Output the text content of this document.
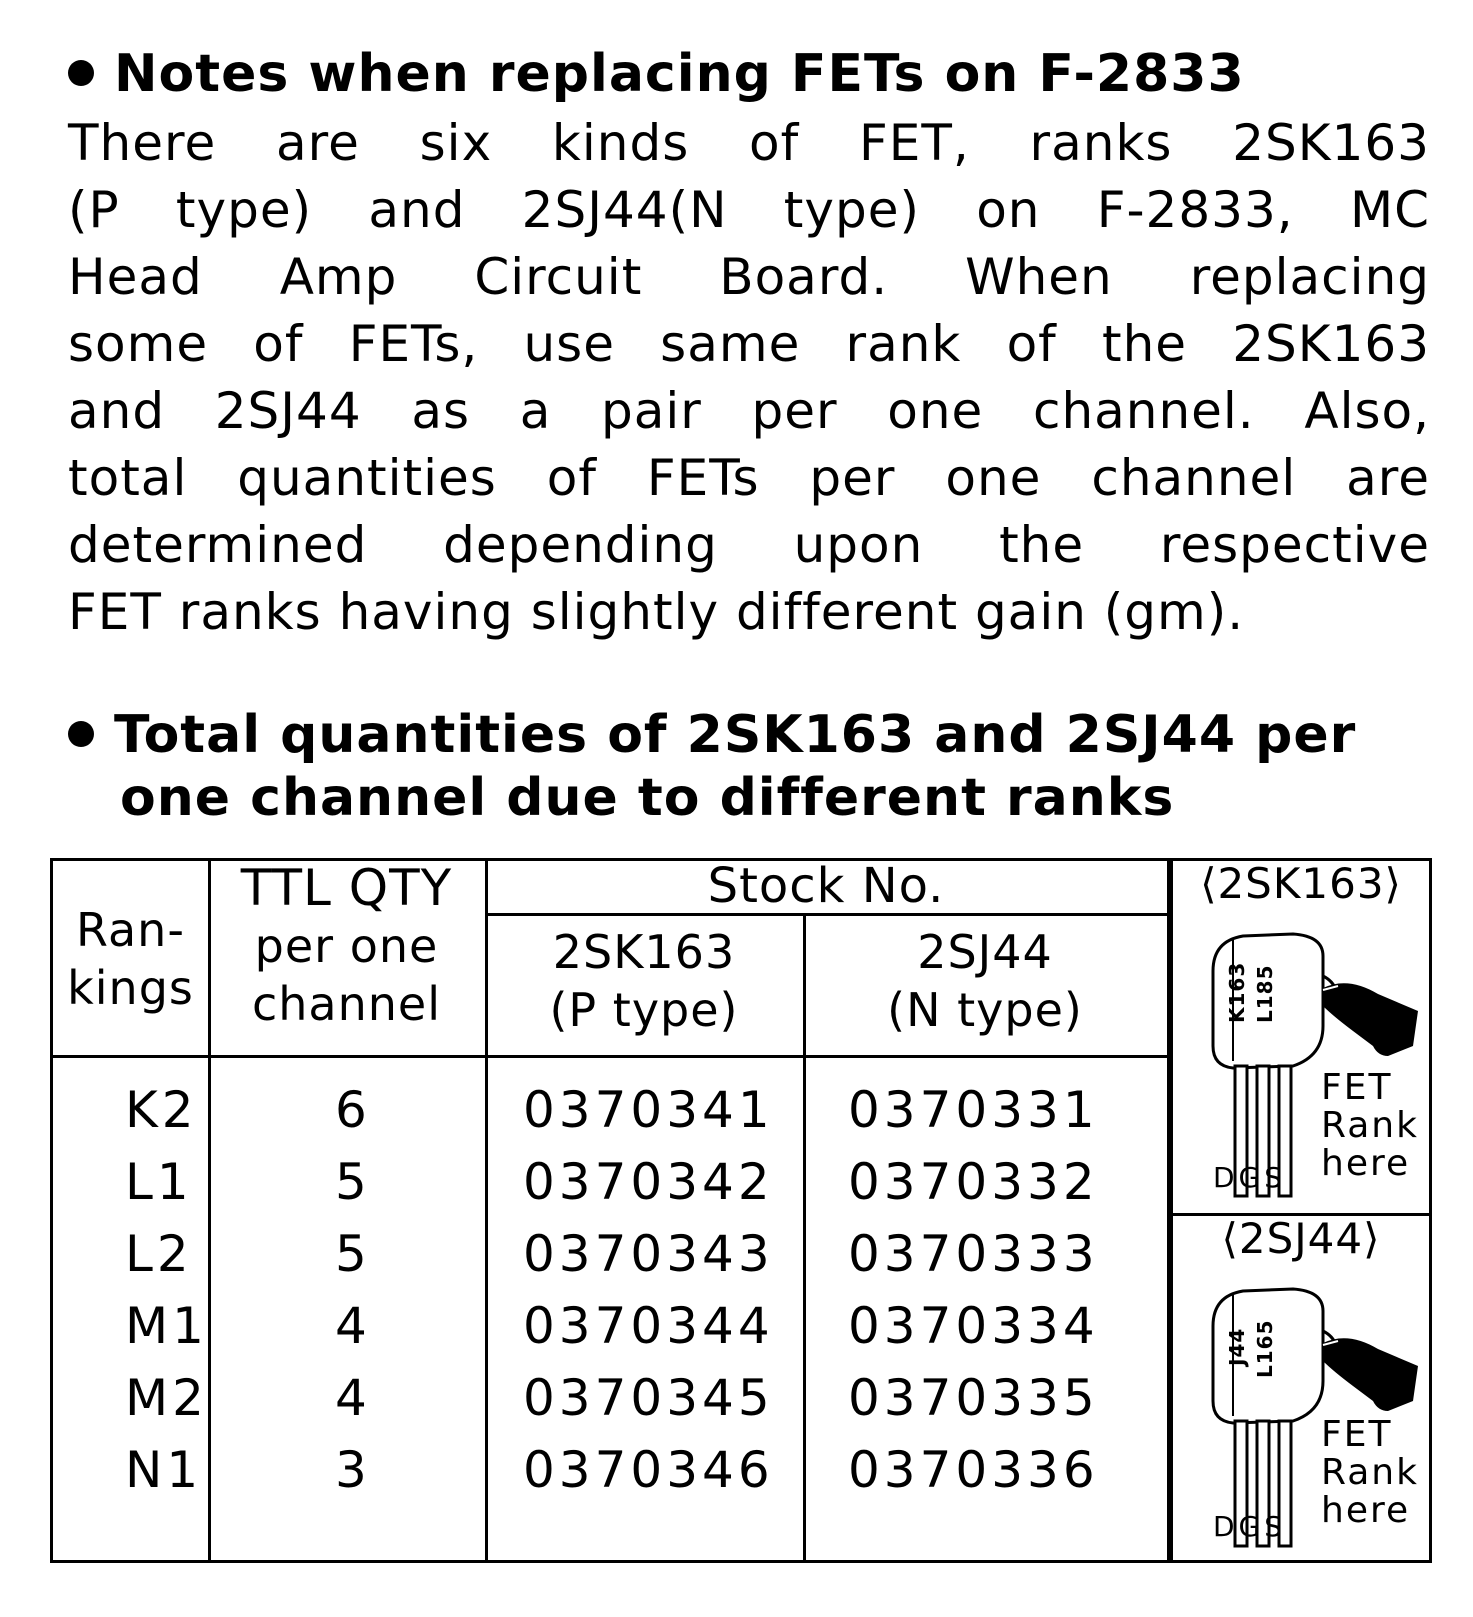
Notes when replacing FETs on F-2833
There are six kinds of FET, ranks 2SK163
(P type) and 2SJ44(N type) on F-2833, MC
Head Amp Circuit Board. When replacing
some of FETs, use same rank of the 2SK163
and 2SJ44 as a pair per one channel. Also,
total quantities of FETs per one channel are
determined depending upon the respective
FET ranks having slightly different gain (gm).
Total quantities of 2SK163 and 2SJ44 per
one channel due to different ranks
Ran-
kings
TTL QTY
per one
channel
Stock No.
2SK163
(P type)
2SJ44
(N type)
K2	6	0370341 0370331
L1	5	0370342 0370332
L2	5	0370343 0370333
M1	4	0370344 0370334
M2	4	0370345 0370335
N1	3	0370346 0370336
⟨2SK163⟩
K163 L185
FET
Rank
here
DGS
⟨2SJ44⟩
J44 L165
FET
Rank
here
DGS
